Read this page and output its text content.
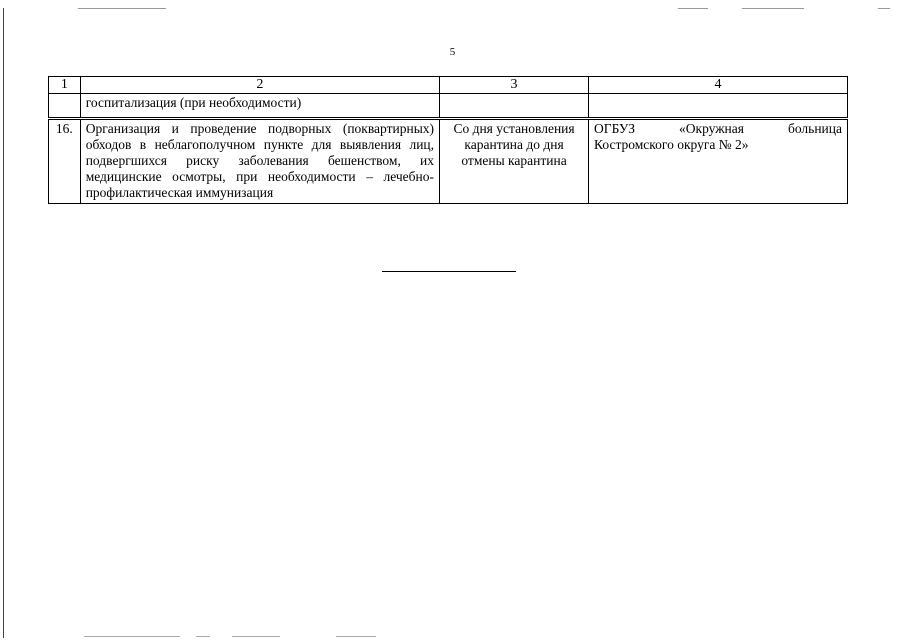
5
1	2	3	4
	госпитализация (при необходимости)		
16.	Организация и проведение подворных (поквартирных) обходов в неблагополучном пункте для выявления лиц, подвергшихся риску заболевания бешенством, их медицинские осмотры, при необходимости – лечебно-профилактическая иммунизация	Со дня установления карантина до дня отмены карантина	ОГБУЗ «Окружная больница Костромского округа № 2»
